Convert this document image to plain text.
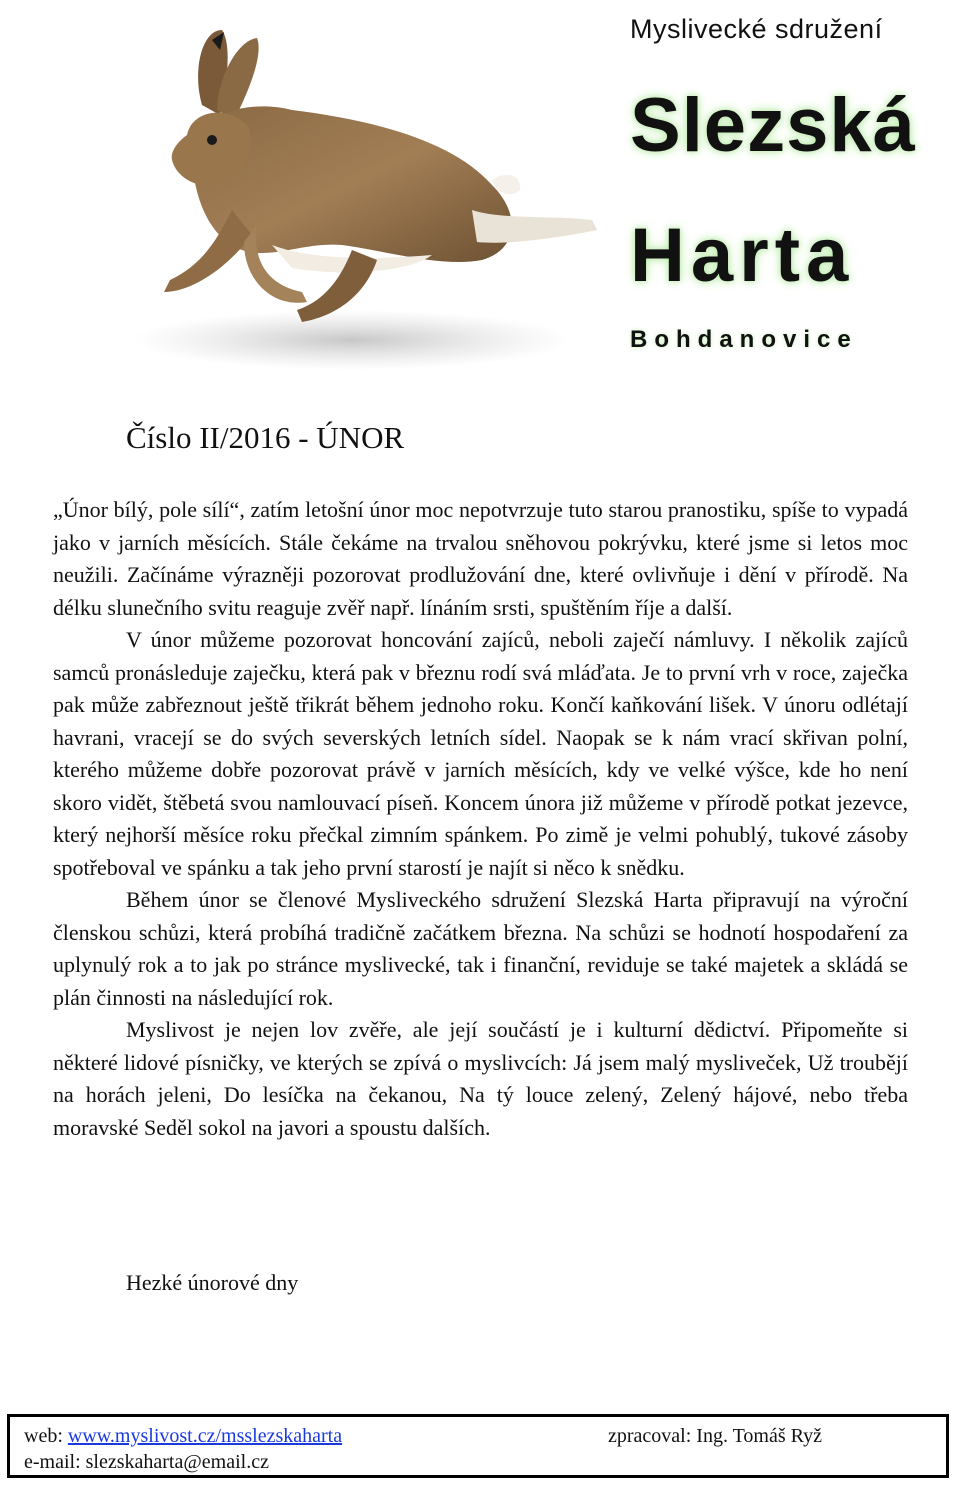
Myslivecké sdružení
Slezská
Harta
Bohdanovice
Číslo II/2016 - ÚNOR

„Únor bílý, pole sílí“, zatím letošní únor moc nepotvrzuje tuto starou pranostiku, spíše to vypadá jako v jarních měsících. Stále čekáme na trvalou sněhovou pokrývku, které jsme si letos moc neužili. Začínáme výrazněji pozorovat prodlužování dne, které ovlivňuje i dění v přírodě. Na délku slunečního svitu reaguje zvěř např. línáním srsti, spuštěním říje a další.

V únor můžeme pozorovat honcování zajíců, neboli zaječí námluvy. I několik zajíců samců pronásleduje zaječku, která pak v březnu rodí svá mláďata. Je to první vrh v roce, zaječka pak může zabřeznout ještě třikrát během jednoho roku. Končí kaňkování lišek. V únoru odlétají havrani, vracejí se do svých severských letních sídel. Naopak se k nám vrací skřivan polní, kterého můžeme dobře pozorovat právě v jarních měsících, kdy ve velké výšce, kde ho není skoro vidět, štěbetá svou namlouvací píseň. Koncem února již můžeme v přírodě potkat jezevce, který nejhorší měsíce roku přečkal zimním spánkem. Po zimě je velmi pohublý, tukové zásoby spotřeboval ve spánku a tak jeho první starostí je najít si něco k snědku.

Během únor se členové Mysliveckého sdružení Slezská Harta připravují na výroční členskou schůzi, která probíhá tradičně začátkem března. Na schůzi se hodnotí hospodaření za uplynulý rok a to jak po stránce myslivecké, tak i finanční, reviduje se také majetek a skládá se plán činnosti na následující rok.

Myslivost je nejen lov zvěře, ale její součástí je i kulturní dědictví. Připomeňte si některé lidové písničky, ve kterých se zpívá o myslivcích: Já jsem malý mysliveček, Už troubějí na horách jeleni, Do lesíčka na čekanou, Na tý louce zelený, Zelený hájové, nebo třeba moravské Seděl sokol na javori a spoustu dalších.

Hezké únorové dny
web: www.myslivost.cz/msslezskaharta
e-mail: slezskaharta@email.cz
zpracoval: Ing. Tomáš Ryž
